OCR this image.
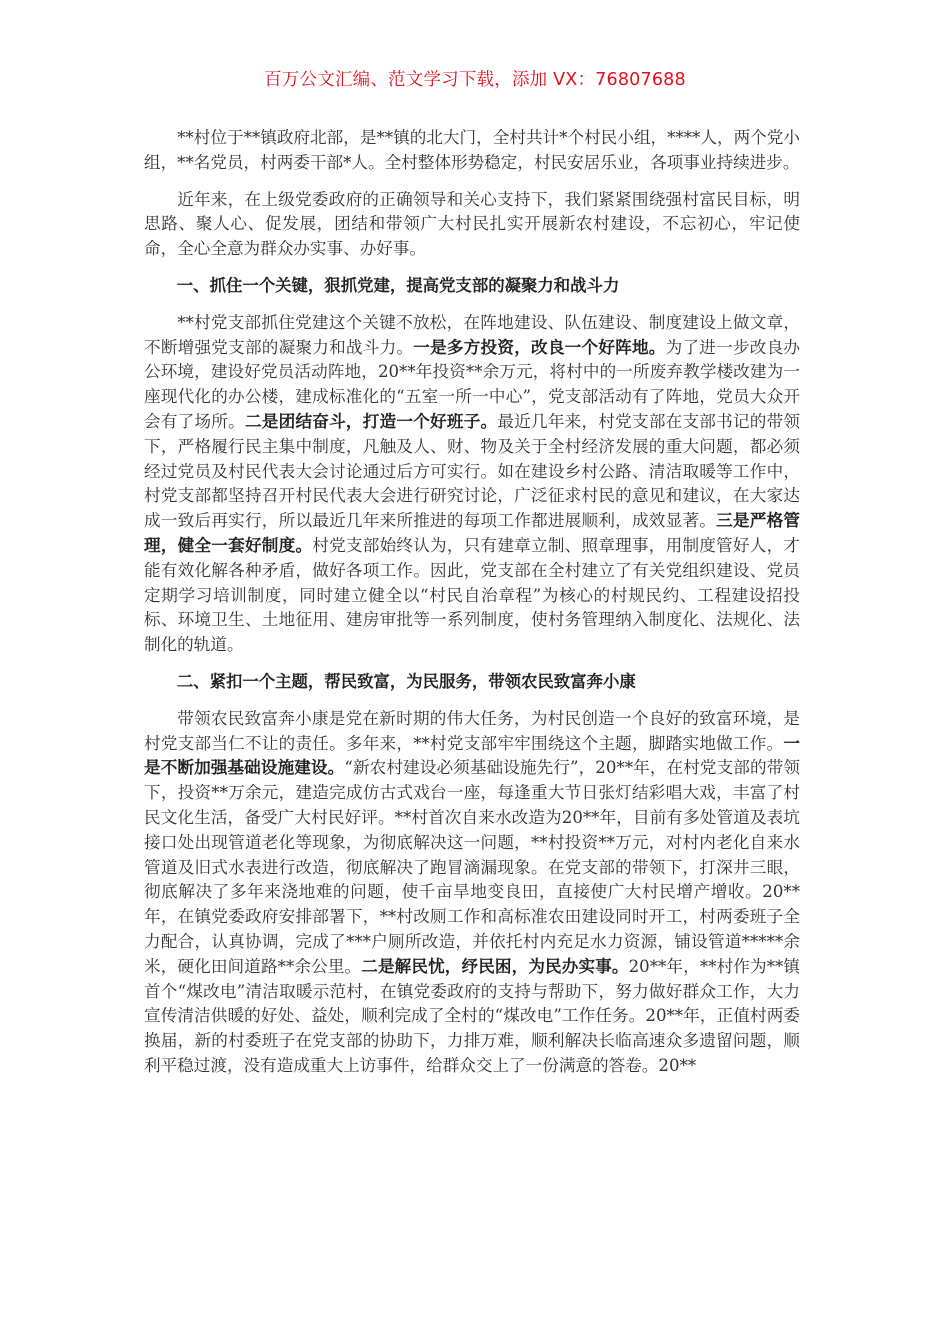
百万公文汇编、范文学习下载，添加 VX：76807688

**村位于**镇政府北部，是**镇的北大门，全村共计*个村民小组，****人，两个党小组，**名党员，村两委干部*人。全村整体形势稳定，村民安居乐业，各项事业持续进步。

近年来，在上级党委政府的正确领导和关心支持下，我们紧紧围绕强村富民目标，明思路、聚人心、促发展，团结和带领广大村民扎实开展新农村建设，不忘初心，牢记使命，全心全意为群众办实事、办好事。

一、抓住一个关键，狠抓党建，提高党支部的凝聚力和战斗力

**村党支部抓住党建这个关键不放松，在阵地建设、队伍建设、制度建设上做文章，不断增强党支部的凝聚力和战斗力。一是多方投资，改良一个好阵地。为了进一步改良办公环境，建设好党员活动阵地，20**年投资**余万元，将村中的一所废弃教学楼改建为一座现代化的办公楼，建成标准化的“五室一所一中心”，党支部活动有了阵地，党员大众开会有了场所。二是团结奋斗，打造一个好班子。最近几年来，村党支部在支部书记的带领下，严格履行民主集中制度，凡触及人、财、物及关于全村经济发展的重大问题，都必须经过党员及村民代表大会讨论通过后方可实行。如在建设乡村公路、清洁取暖等工作中，村党支部都坚持召开村民代表大会进行研究讨论，广泛征求村民的意见和建议，在大家达成一致后再实行，所以最近几年来所推进的每项工作都进展顺利，成效显著。三是严格管理，健全一套好制度。村党支部始终认为，只有建章立制、照章理事，用制度管好人，才能有效化解各种矛盾，做好各项工作。因此，党支部在全村建立了有关党组织建设、党员定期学习培训制度，同时建立健全以“村民自治章程”为核心的村规民约、工程建设招投标、环境卫生、土地征用、建房审批等一系列制度，使村务管理纳入制度化、法规化、法制化的轨道。

二、紧扣一个主题，帮民致富，为民服务，带领农民致富奔小康

带领农民致富奔小康是党在新时期的伟大任务，为村民创造一个良好的致富环境，是村党支部当仁不让的责任。多年来，**村党支部牢牢围绕这个主题，脚踏实地做工作。一是不断加强基础设施建设。“新农村建设必须基础设施先行”，20**年，在村党支部的带领下，投资**万余元，建造完成仿古式戏台一座，每逢重大节日张灯结彩唱大戏，丰富了村民文化生活，备受广大村民好评。**村首次自来水改造为20**年，目前有多处管道及表坑接口处出现管道老化等现象，为彻底解决这一问题，**村投资**万元，对村内老化自来水管道及旧式水表进行改造，彻底解决了跑冒滴漏现象。在党支部的带领下，打深井三眼，彻底解决了多年来浇地难的问题，使千亩旱地变良田，直接使广大村民增产增收。20**年，在镇党委政府安排部署下，**村改厕工作和高标准农田建设同时开工，村两委班子全力配合，认真协调，完成了***户厕所改造，并依托村内充足水力资源，铺设管道*****余米，硬化田间道路**余公里。二是解民忧，纾民困，为民办实事。20**年，**村作为**镇首个“煤改电”清洁取暖示范村，在镇党委政府的支持与帮助下，努力做好群众工作，大力宣传清洁供暖的好处、益处，顺利完成了全村的“煤改电”工作任务。20**年，正值村两委换届，新的村委班子在党支部的协助下，力排万难，顺利解决长临高速众多遗留问题，顺利平稳过渡，没有造成重大上访事件，给群众交上了一份满意的答卷。20**
